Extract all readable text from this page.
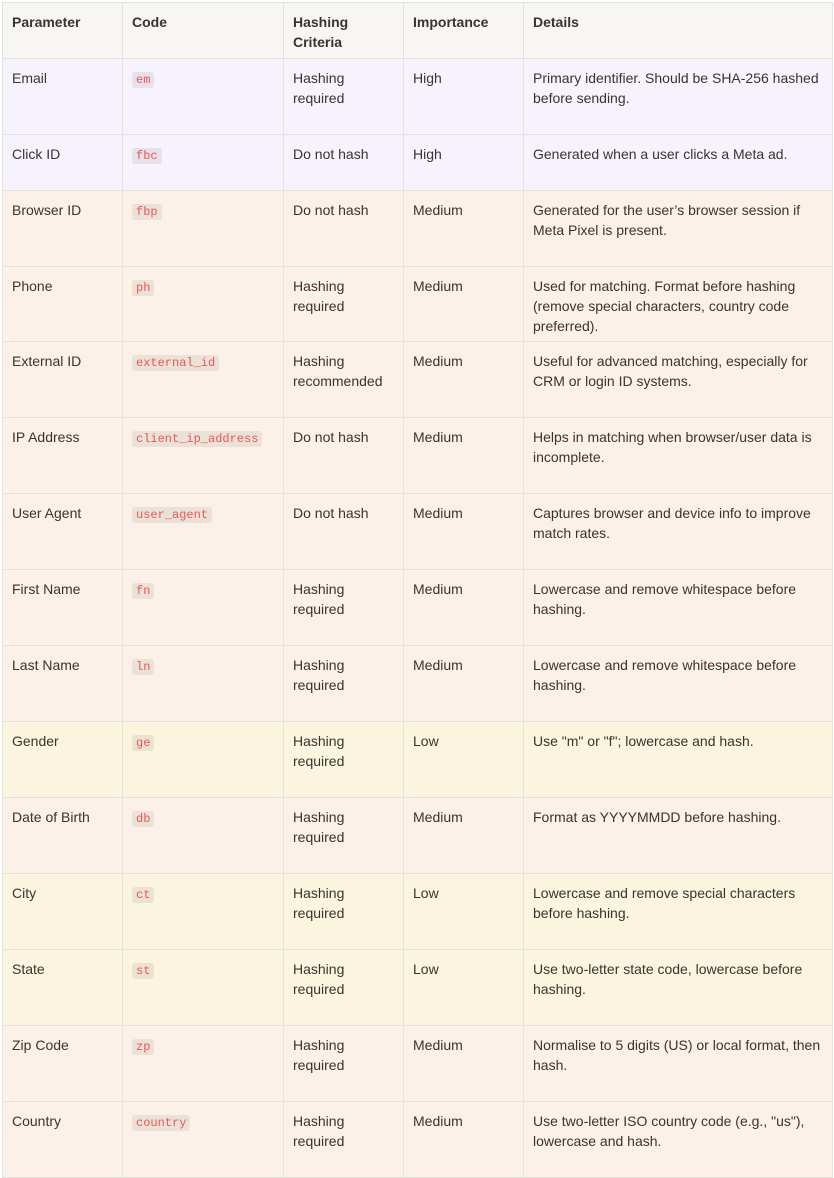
Parameter	Code	Hashing Criteria	Importance	Details
Email	em	Hashing required	High	Primary identifier. Should be SHA-256 hashed before sending.
Click ID	fbc	Do not hash	High	Generated when a user clicks a Meta ad.
Browser ID	fbp	Do not hash	Medium	Generated for the user’s browser session if Meta Pixel is present.
Phone	ph	Hashing required	Medium	Used for matching. Format before hashing (remove special characters, country code preferred).
External ID	external_id	Hashing recommended	Medium	Useful for advanced matching, especially for CRM or login ID systems.
IP Address	client_ip_address	Do not hash	Medium	Helps in matching when browser/user data is incomplete.
User Agent	user_agent	Do not hash	Medium	Captures browser and device info to improve match rates.
First Name	fn	Hashing required	Medium	Lowercase and remove whitespace before hashing.
Last Name	ln	Hashing required	Medium	Lowercase and remove whitespace before hashing.
Gender	ge	Hashing required	Low	Use "m" or "f"; lowercase and hash.
Date of Birth	db	Hashing required	Medium	Format as YYYYMMDD before hashing.
City	ct	Hashing required	Low	Lowercase and remove special characters before hashing.
State	st	Hashing required	Low	Use two-letter state code, lowercase before hashing.
Zip Code	zp	Hashing required	Medium	Normalise to 5 digits (US) or local format, then hash.
Country	country	Hashing required	Medium	Use two-letter ISO country code (e.g., "us"), lowercase and hash.
